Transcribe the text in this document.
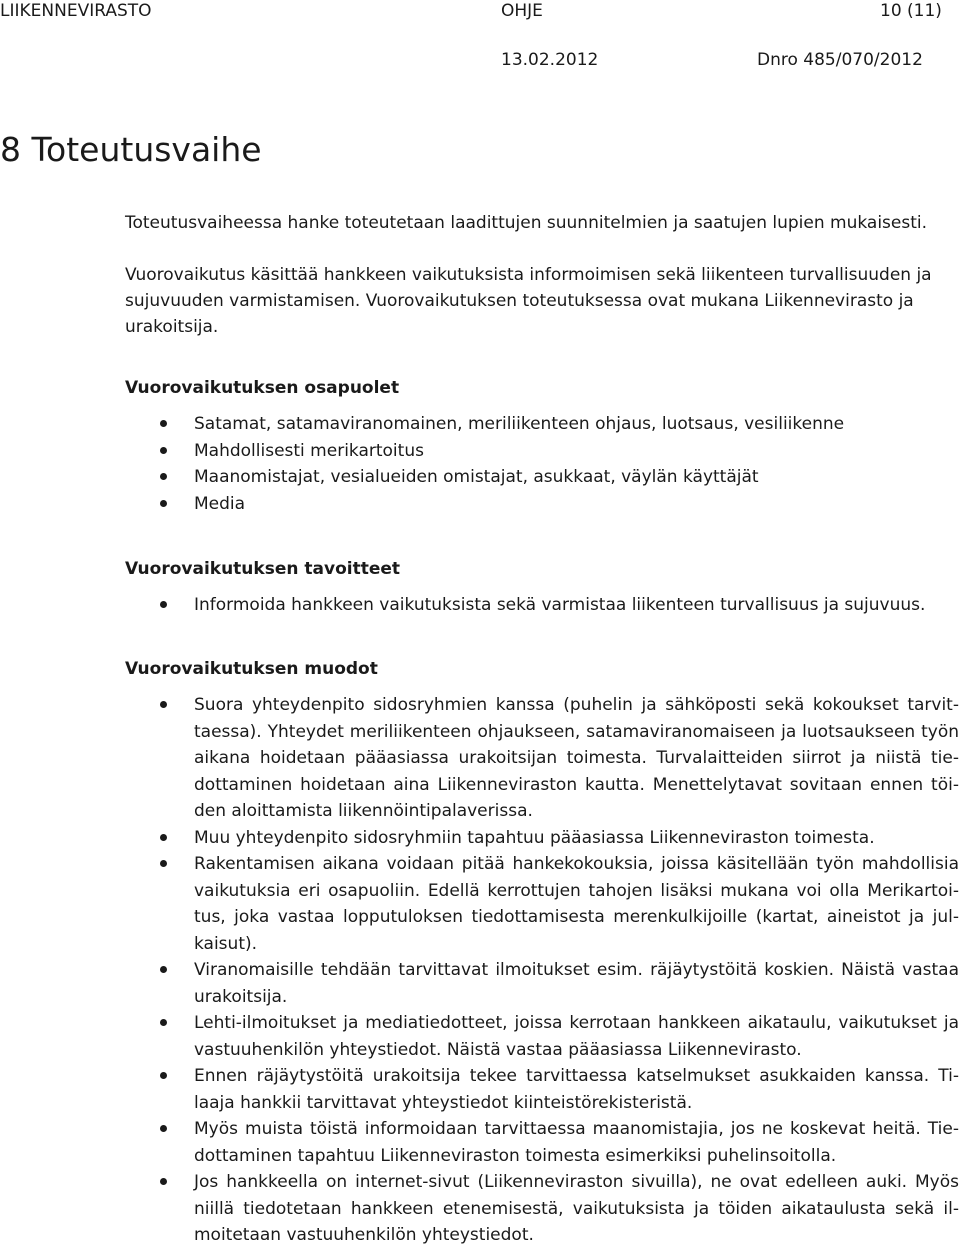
LIIKENNEVIRASTO	OHJE	10 (11)
13.02.2012	Dnro 485/070/2012
8 Toteutusvaihe

Toteutusvaiheessa hanke toteutetaan laadittujen suunnitelmien ja saatujen lupien mukaisesti.

Vuorovaikutus käsittää hankkeen vaikutuksista informoimisen sekä liikenteen turvallisuuden ja sujuvuuden varmistamisen. Vuorovaikutuksen toteutuksessa ovat mukana Liikennevirasto ja urakoitsija.

Vuorovaikutuksen osapuolet
Satamat, satamaviranomainen, meriliikenteen ohjaus, luotsaus, vesiliikenne
Mahdollisesti merikartoitus
Maanomistajat, vesialueiden omistajat, asukkaat, väylän käyttäjät
Media
Vuorovaikutuksen tavoitteet
Informoida hankkeen vaikutuksista sekä varmistaa liikenteen turvallisuus ja sujuvuus.
Vuorovaikutuksen muodot
Suora yhteydenpito sidosryhmien kanssa (puhelin ja sähköposti sekä kokoukset tarvittaessa). Yhteydet meriliikenteen ohjaukseen, satamaviranomaiseen ja luotsaukseen työn aikana hoidetaan pääasiassa urakoitsijan toimesta. Turvalaitteiden siirrot ja niistä tiedottaminen hoidetaan aina Liikenneviraston kautta. Menettelytavat sovitaan ennen töiden aloittamista liikennöintipalaverissa.
Muu yhteydenpito sidosryhmiin tapahtuu pääasiassa Liikenneviraston toimesta.
Rakentamisen aikana voidaan pitää hankekokouksia, joissa käsitellään työn mahdollisia vaikutuksia eri osapuoliin. Edellä kerrottujen tahojen lisäksi mukana voi olla Merikartoitus, joka vastaa lopputuloksen tiedottamisesta merenkulkijoille (kartat, aineistot ja julkaisut).
Viranomaisille tehdään tarvittavat ilmoitukset esim. räjäytystöitä koskien. Näistä vastaa urakoitsija.
Lehti-ilmoitukset ja mediatiedotteet, joissa kerrotaan hankkeen aikataulu, vaikutukset ja vastuuhenkilön yhteystiedot. Näistä vastaa pääasiassa Liikennevirasto.
Ennen räjäytystöitä urakoitsija tekee tarvittaessa katselmukset asukkaiden kanssa. Tilaaja hankkii tarvittavat yhteystiedot kiinteistörekisteristä.
Myös muista töistä informoidaan tarvittaessa maanomistajia, jos ne koskevat heitä. Tiedottaminen tapahtuu Liikenneviraston toimesta esimerkiksi puhelinsoitolla.
Jos hankkeella on internet-sivut (Liikenneviraston sivuilla), ne ovat edelleen auki. Myös niillä tiedotetaan hankkeen etenemisestä, vaikutuksista ja töiden aikataulusta sekä ilmoitetaan vastuuhenkilön yhteystiedot.
